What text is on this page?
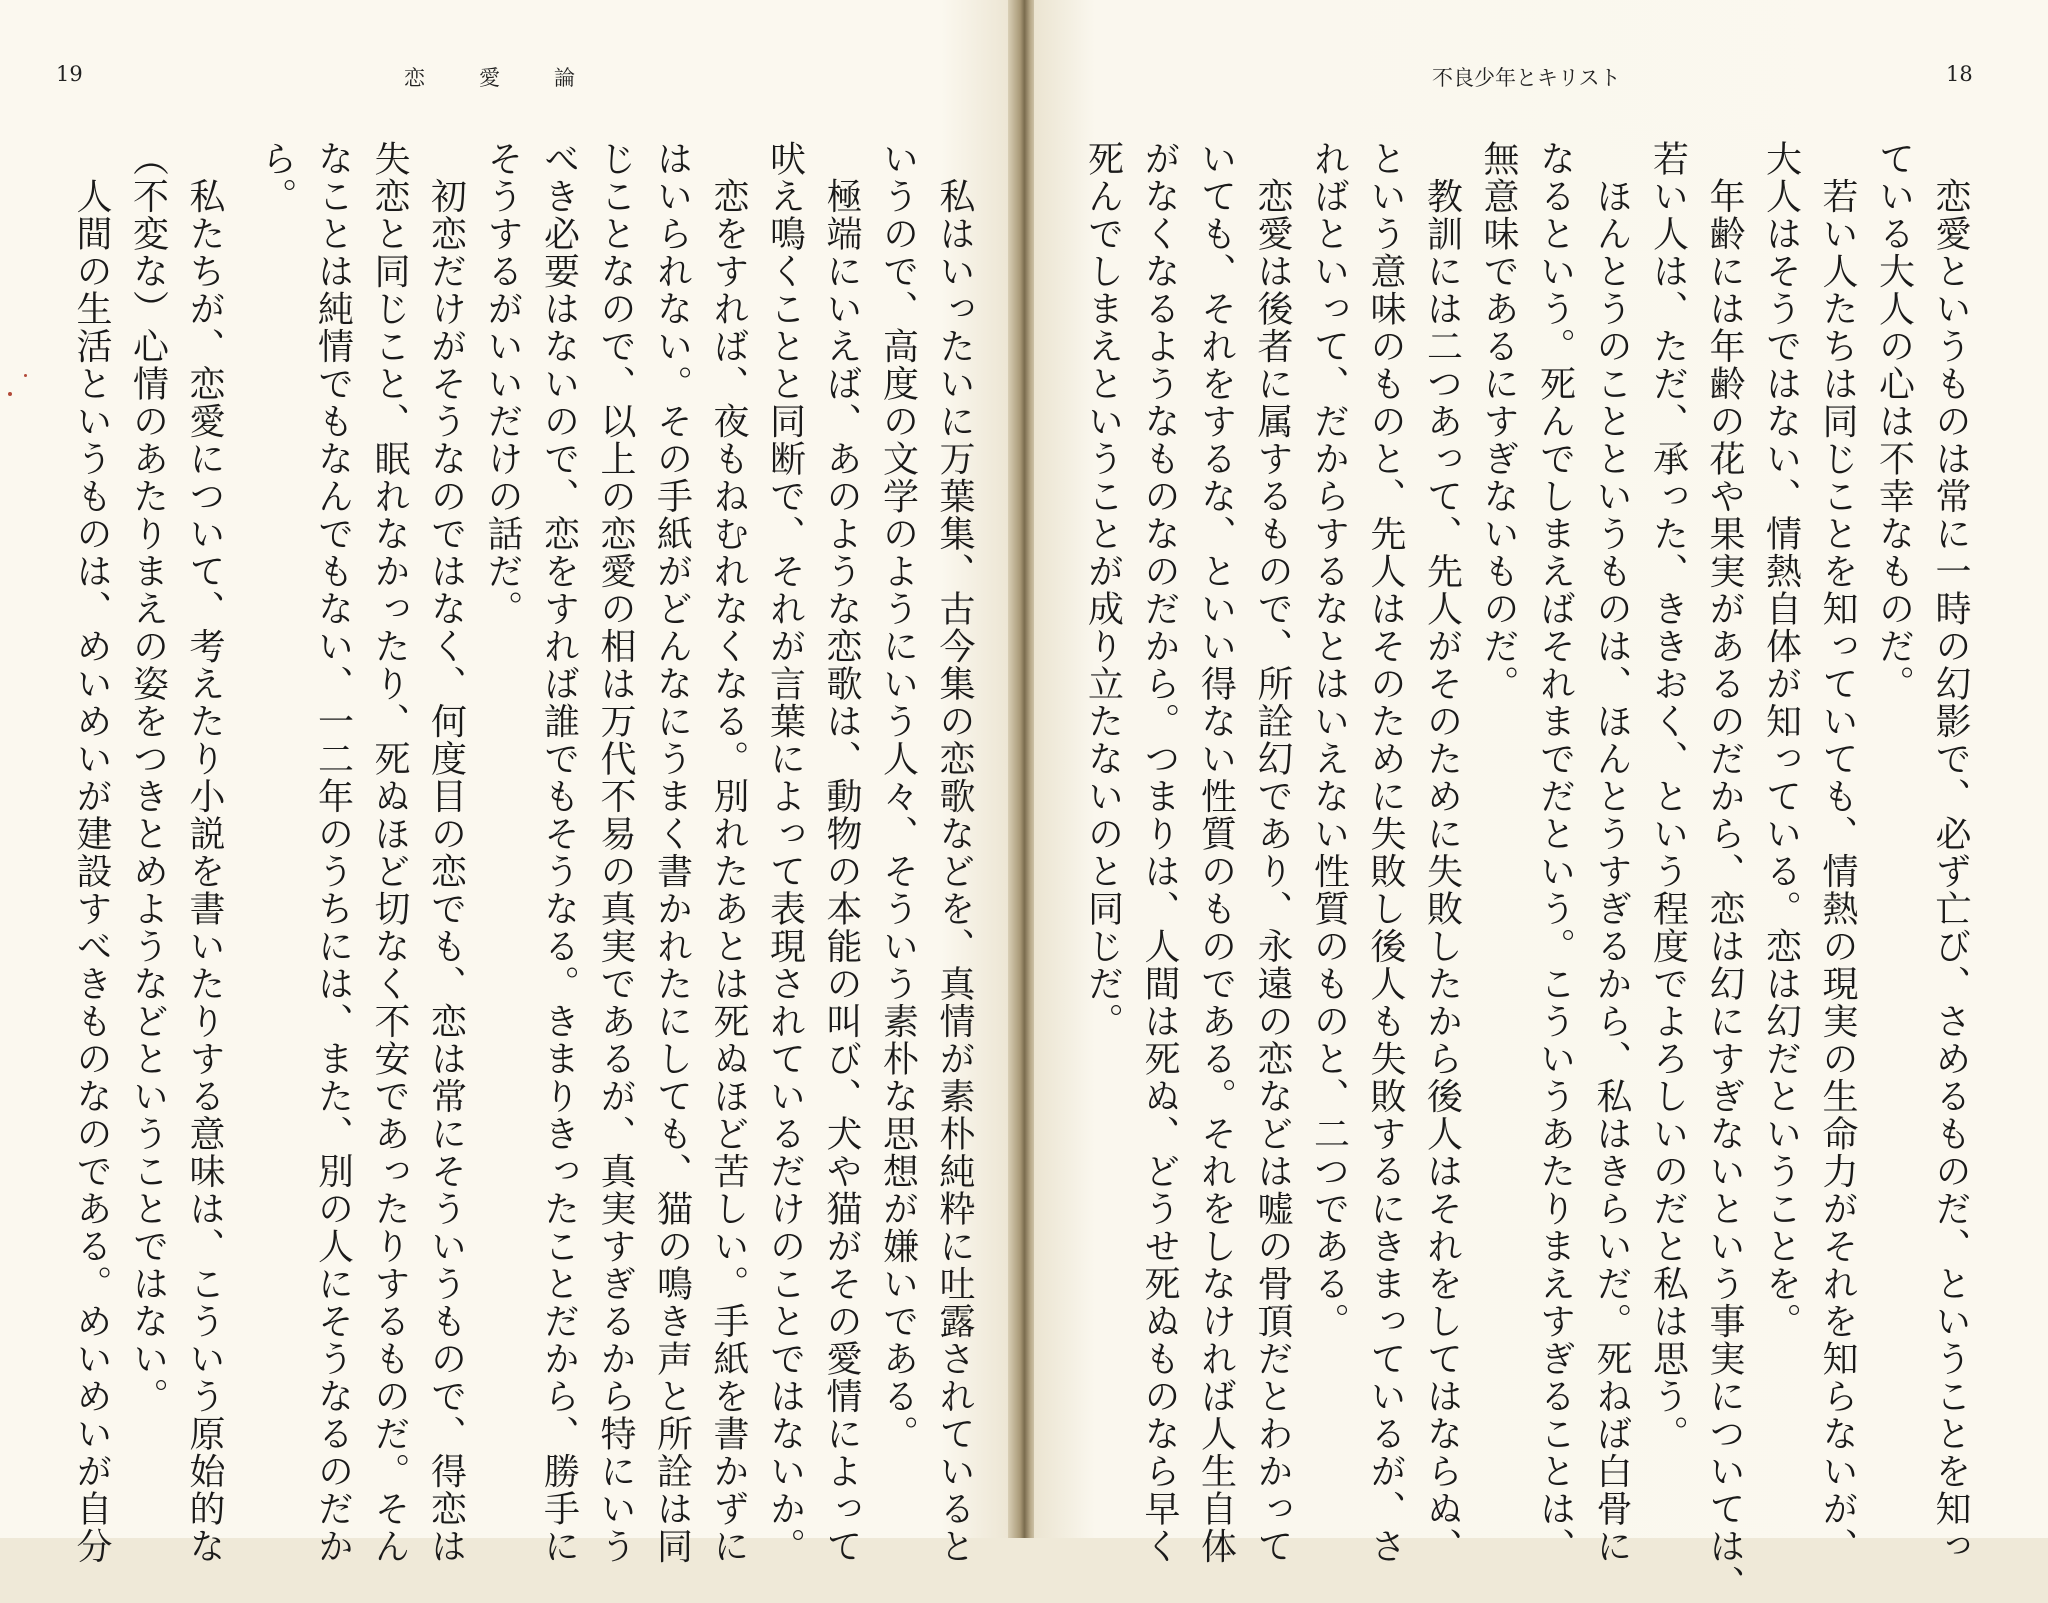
19	恋愛論
　私はいったいに万葉集、古今集の恋歌などを、真情が素朴純粋に吐露されていると
いうので、高度の文学のようにいう人々、そういう素朴な思想が嫌いである。
　極端にいえば、あのような恋歌は、動物の本能の叫び、犬や猫がその愛情によって
吠え鳴くことと同断で、それが言葉によって表現されているだけのことではないか。
　恋をすれば、夜もねむれなくなる。別れたあとは死ぬほど苦しい。手紙を書かずに
はいられない。その手紙がどんなにうまく書かれたにしても、猫の鳴き声と所詮は同
じことなので、以上の恋愛の相は万代不易の真実であるが、真実すぎるから特にいう
べき必要はないので、恋をすれば誰でもそうなる。きまりきったことだから、勝手に
そうするがいいだけの話だ。
　初恋だけがそうなのではなく、何度目の恋でも、恋は常にそういうもので、得恋は
失恋と同じこと、眠れなかったり、死ぬほど切なく不安であったりするものだ。そん
なことは純情でもなんでもない、一二年のうちには、また、別の人にそうなるのだか
ら。
　私たちが、恋愛について、考えたり小説を書いたりする意味は、こういう原始的な
（不変な）心情のあたりまえの姿をつきとめようなどということではない。
　人間の生活というものは、めいめいが建設すべきものなのである。めいめいが自分
不良少年とキリスト	18
　恋愛というものは常に一時の幻影で、必ず亡び、さめるものだ、ということを知っ
ている大人の心は不幸なものだ。
　若い人たちは同じことを知っていても、情熱の現実の生命力がそれを知らないが、
大人はそうではない、情熱自体が知っている。恋は幻だということを。
　年齢には年齢の花や果実があるのだから、恋は幻にすぎないという事実については、
若い人は、ただ、承った、ききおく、という程度でよろしいのだと私は思う。
　ほんとうのことというものは、ほんとうすぎるから、私はきらいだ。死ねば白骨に
なるという。死んでしまえばそれまでだという。こういうあたりまえすぎることは、
無意味であるにすぎないものだ。
　教訓には二つあって、先人がそのために失敗したから後人はそれをしてはならぬ、
という意味のものと、先人はそのために失敗し後人も失敗するにきまっているが、さ
ればといって、だからするなとはいえない性質のものと、二つである。
　恋愛は後者に属するもので、所詮幻であり、永遠の恋などは嘘の骨頂だとわかって
いても、それをするな、といい得ない性質のものである。それをしなければ人生自体
がなくなるようなものなのだから。つまりは、人間は死ぬ、どうせ死ぬものなら早く
死んでしまえということが成り立たないのと同じだ。
